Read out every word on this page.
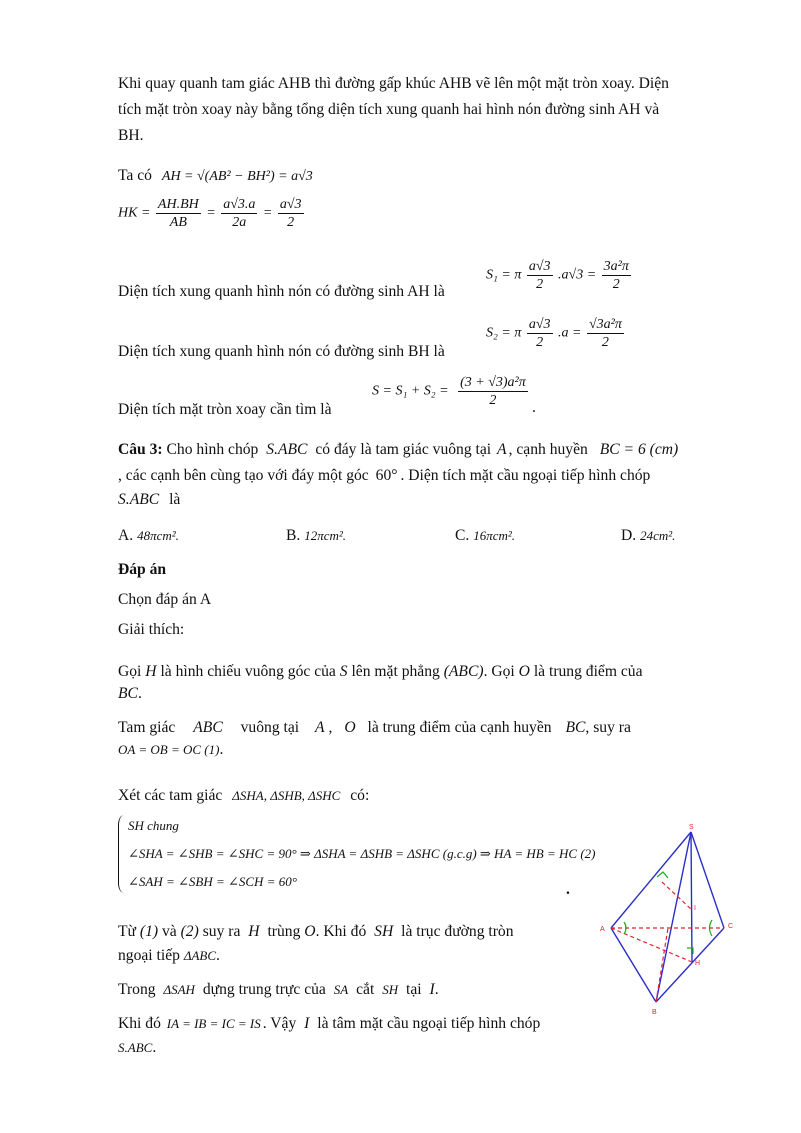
Khi quay quanh tam giác AHB thì đường gấp khúc AHB vẽ lên một mặt tròn xoay. Diện
tích mặt tròn xoay này bằng tổng diện tích xung quanh hai hình nón đường sinh AH và
BH.
Ta có AH = √(AB² − BH²) = a√3
HK = $\frac{AH.BH}{AB} = \frac{a√3.a}{2a} = \frac{a√3}{2}$
Diện tích xung quanh hình nón có đường sinh AH là
S₁ = π $\frac{a√3}{2} .a√3 = \frac{\text{3a²π}}{2}$
Diện tích xung quanh hình nón có đường sinh BH là
S₂ = π $\frac{a√3}{2} .a = \frac{\text{√3a²π}}{2}$
Diện tích mặt tròn xoay cần tìm là
$S = S_1 + S_2 = \frac{\text{(3 + √3)a²π}}{2}$ .
Câu 3: Cho hình chóp S.ABC có đáy là tam giác vuông tại A , cạnh huyền BC = 6 (cm)
, các cạnh bên cùng tạo với đáy một góc 60° . Diện tích mặt cầu ngoại tiếp hình chóp
S.ABC là
A. 48πcm².	B. 12πcm².	C. 16πcm².	D. 24cm².
Đáp án
Chọn đáp án A
Giải thích:
Gọi H là hình chiếu vuông góc của S lên mặt phẳng (ABC). Gọi O là trung điểm của
BC.
Tam giác ABC vuông tại A , O là trung điểm của cạnh huyền BC, suy ra
OA = OB = OC (1).
Xét các tam giác ΔSHA, ΔSHB, ΔSHC có:
SH chung
∠SHA = ∠SHB = ∠SHC = 90° ⇒ ΔSHA = ΔSHB = ΔSHC (g.c.g) ⇒ HA = HB = HC (2)
∠SAH = ∠SBH = ∠SCH = 60°	.
Từ (1) và (2) suy ra H trùng O. Khi đó SH là trục đường tròn
ngoại tiếp ΔABC.
Trong ΔSAH dựng trung trực của SA cắt SH tại I.
Khi đó IA = IB = IC = IS . Vậy I là tâm mặt cầu ngoại tiếp hình chóp
S.ABC.
S
A	C
B
H
I
